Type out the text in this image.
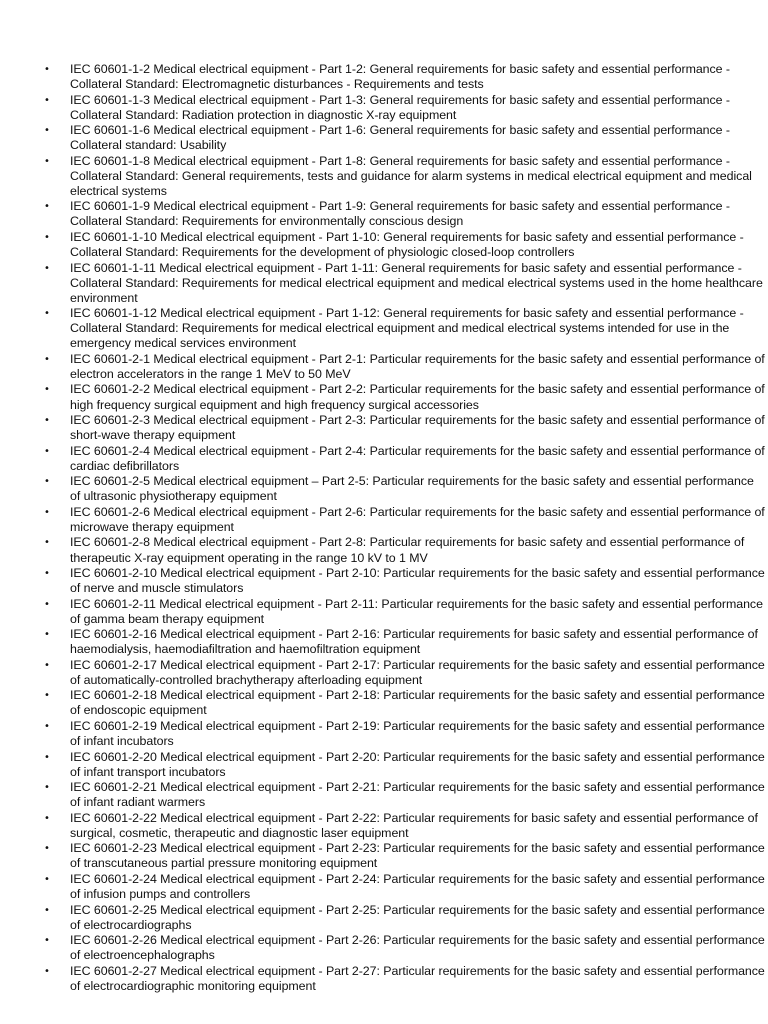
• IEC 60601-1-2 Medical electrical equipment - Part 1-2: General requirements for basic safety and essential performance - Collateral Standard: Electromagnetic disturbances - Requirements and tests
• IEC 60601-1-3 Medical electrical equipment - Part 1-3: General requirements for basic safety and essential performance - Collateral Standard: Radiation protection in diagnostic X-ray equipment
• IEC 60601-1-6 Medical electrical equipment - Part 1-6: General requirements for basic safety and essential performance - Collateral standard: Usability
• IEC 60601-1-8 Medical electrical equipment - Part 1-8: General requirements for basic safety and essential performance - Collateral Standard: General requirements, tests and guidance for alarm systems in medical electrical equipment and medical electrical systems
• IEC 60601-1-9 Medical electrical equipment - Part 1-9: General requirements for basic safety and essential performance - Collateral Standard: Requirements for environmentally conscious design
• IEC 60601-1-10 Medical electrical equipment - Part 1-10: General requirements for basic safety and essential performance - Collateral Standard: Requirements for the development of physiologic closed-loop controllers
• IEC 60601-1-11 Medical electrical equipment - Part 1-11: General requirements for basic safety and essential performance - Collateral Standard: Requirements for medical electrical equipment and medical electrical systems used in the home healthcare environment
• IEC 60601-1-12 Medical electrical equipment - Part 1-12: General requirements for basic safety and essential performance - Collateral Standard: Requirements for medical electrical equipment and medical electrical systems intended for use in the emergency medical services environment
• IEC 60601-2-1 Medical electrical equipment - Part 2-1: Particular requirements for the basic safety and essential performance of electron accelerators in the range 1 MeV to 50 MeV
• IEC 60601-2-2 Medical electrical equipment - Part 2-2: Particular requirements for the basic safety and essential performance of high frequency surgical equipment and high frequency surgical accessories
• IEC 60601-2-3 Medical electrical equipment - Part 2-3: Particular requirements for the basic safety and essential performance of short-wave therapy equipment
• IEC 60601-2-4 Medical electrical equipment - Part 2-4: Particular requirements for the basic safety and essential performance of cardiac defibrillators
• IEC 60601-2-5 Medical electrical equipment – Part 2-5: Particular requirements for the basic safety and essential performance of ultrasonic physiotherapy equipment
• IEC 60601-2-6 Medical electrical equipment - Part 2-6: Particular requirements for the basic safety and essential performance of microwave therapy equipment
• IEC 60601-2-8 Medical electrical equipment - Part 2-8: Particular requirements for basic safety and essential performance of therapeutic X-ray equipment operating in the range 10 kV to 1 MV
• IEC 60601-2-10 Medical electrical equipment - Part 2-10: Particular requirements for the basic safety and essential performance of nerve and muscle stimulators
• IEC 60601-2-11 Medical electrical equipment - Part 2-11: Particular requirements for the basic safety and essential performance of gamma beam therapy equipment
• IEC 60601-2-16 Medical electrical equipment - Part 2-16: Particular requirements for basic safety and essential performance of haemodialysis, haemodiafiltration and haemofiltration equipment
• IEC 60601-2-17 Medical electrical equipment - Part 2-17: Particular requirements for the basic safety and essential performance of automatically-controlled brachytherapy afterloading equipment
• IEC 60601-2-18 Medical electrical equipment - Part 2-18: Particular requirements for the basic safety and essential performance of endoscopic equipment
• IEC 60601-2-19 Medical electrical equipment - Part 2-19: Particular requirements for the basic safety and essential performance of infant incubators
• IEC 60601-2-20 Medical electrical equipment - Part 2-20: Particular requirements for the basic safety and essential performance of infant transport incubators
• IEC 60601-2-21 Medical electrical equipment - Part 2-21: Particular requirements for the basic safety and essential performance of infant radiant warmers
• IEC 60601-2-22 Medical electrical equipment - Part 2-22: Particular requirements for basic safety and essential performance of surgical, cosmetic, therapeutic and diagnostic laser equipment
• IEC 60601-2-23 Medical electrical equipment - Part 2-23: Particular requirements for the basic safety and essential performance of transcutaneous partial pressure monitoring equipment
• IEC 60601-2-24 Medical electrical equipment - Part 2-24: Particular requirements for the basic safety and essential performance of infusion pumps and controllers
• IEC 60601-2-25 Medical electrical equipment - Part 2-25: Particular requirements for the basic safety and essential performance of electrocardiographs
• IEC 60601-2-26 Medical electrical equipment - Part 2-26: Particular requirements for the basic safety and essential performance of electroencephalographs
• IEC 60601-2-27 Medical electrical equipment - Part 2-27: Particular requirements for the basic safety and essential performance of electrocardiographic monitoring equipment
